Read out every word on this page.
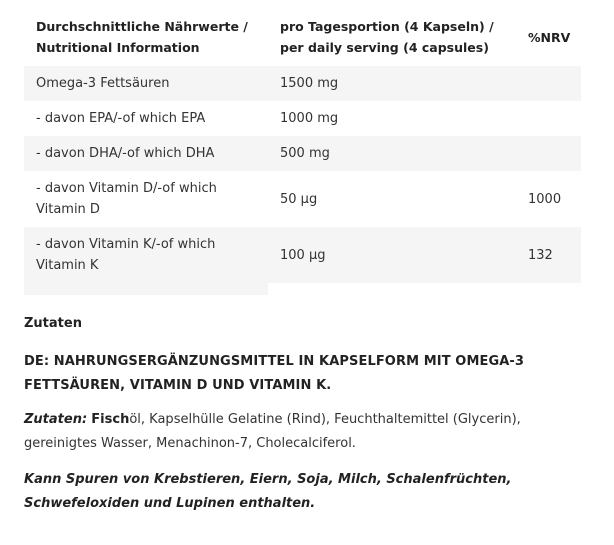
Durchschnittliche Nährwerte / Nutritional Information	pro Tagesportion (4 Kapseln) / per daily serving (4 capsules)	%NRV
Omega-3 Fettsäuren	1500 mg	
- davon EPA/-of which EPA	1000 mg	
- davon DHA/-of which DHA	500 mg	
- davon Vitamin D/-of which Vitamin D	50 µg	1000
- davon Vitamin K/-of which Vitamin K	100 µg	132
Zutaten
DE: NAHRUNGSERGÄNZUNGSMITTEL IN KAPSELFORM MIT OMEGA-3 FETTSÄUREN, VITAMIN D UND VITAMIN K.
Zutaten: Fischöl, Kapselhülle Gelatine (Rind), Feuchthaltemittel (Glycerin), gereinigtes Wasser, Menachinon-7, Cholecalciferol.
Kann Spuren von Krebstieren, Eiern, Soja, Milch, Schalenfrüchten, Schwefeloxiden und Lupinen enthalten.
